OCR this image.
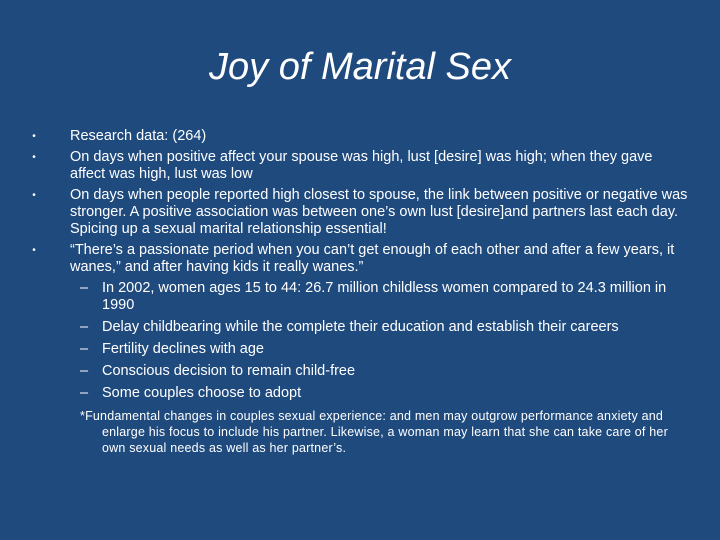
Joy of Marital Sex
• Research data: (264)
• On days when positive affect your spouse was high, lust [desire] was high; when they gave affect was high, lust was low
• On days when people reported high closest to spouse, the link between positive or negative was stronger. A positive association was between one’s own lust [desire]and partners last each day. Spicing up a sexual marital relationship essential!
• “There’s a passionate period when you can’t get enough of each other and after a few years, it wanes,” and after having kids it really wanes.”
– In 2002, women ages 15 to 44: 26.7 million childless women compared to 24.3 million in 1990
– Delay childbearing while the complete their education and establish their careers
– Fertility declines with age
– Conscious decision to remain child-free
– Some couples choose to adopt
*Fundamental changes in couples sexual experience: and men may outgrow performance anxiety and enlarge his focus to include his partner. Likewise, a woman may learn that she can take care of her own sexual needs as well as her partner’s.
